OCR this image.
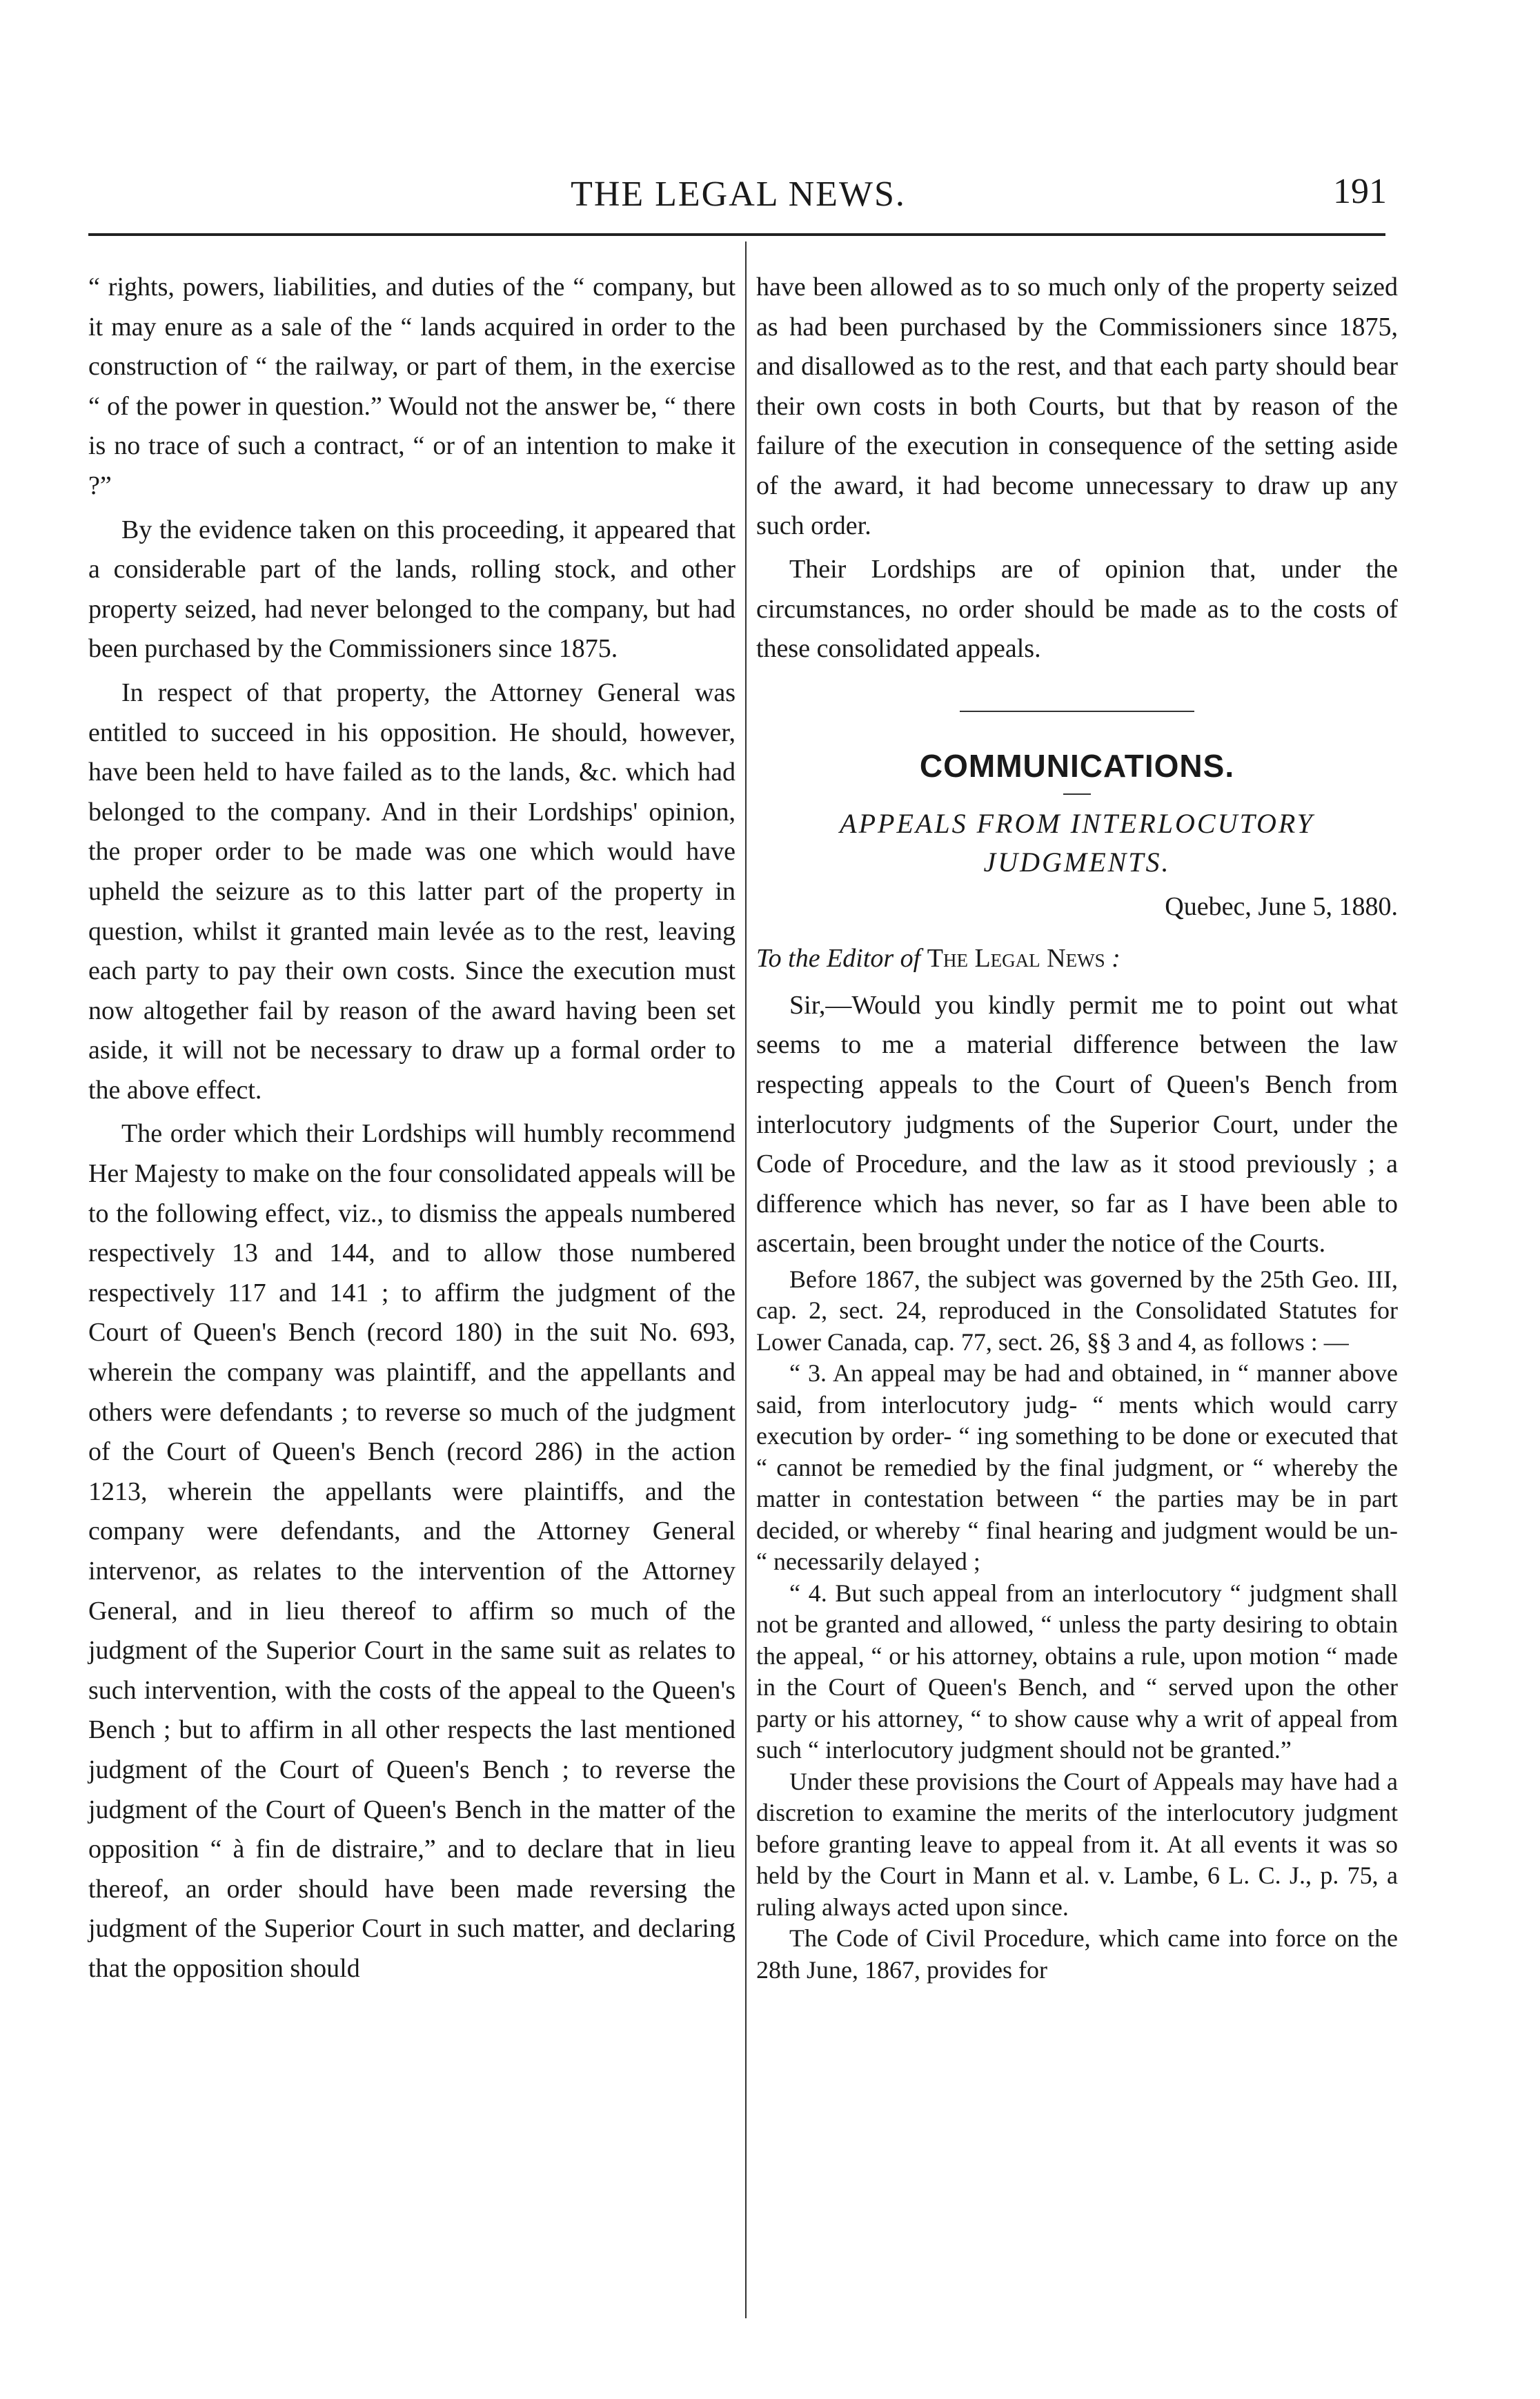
THE LEGAL NEWS.	191

“ rights, powers, liabilities, and duties of the “ company, but it may enure as a sale of the “ lands acquired in order to the construction of “ the railway, or part of them, in the exercise “ of the power in question.” Would not the answer be, “ there is no trace of such a contract, “ or of an intention to make it ?”

By the evidence taken on this proceeding, it appeared that a considerable part of the lands, rolling stock, and other property seized, had never belonged to the company, but had been purchased by the Commissioners since 1875.

In respect of that property, the Attorney General was entitled to succeed in his opposition. He should, however, have been held to have failed as to the lands, &c. which had belonged to the company. And in their Lordships' opinion, the proper order to be made was one which would have upheld the seizure as to this latter part of the property in question, whilst it granted main levée as to the rest, leaving each party to pay their own costs. Since the execution must now altogether fail by reason of the award having been set aside, it will not be necessary to draw up a formal order to the above effect.

The order which their Lordships will humbly recommend Her Majesty to make on the four consolidated appeals will be to the following effect, viz., to dismiss the appeals numbered respectively 13 and 144, and to allow those numbered respectively 117 and 141 ; to affirm the judgment of the Court of Queen's Bench (record 180) in the suit No. 693, wherein the company was plaintiff, and the appellants and others were defendants ; to reverse so much of the judgment of the Court of Queen's Bench (record 286) in the action 1213, wherein the appellants were plaintiffs, and the company were defendants, and the Attorney General intervenor, as relates to the intervention of the Attorney General, and in lieu thereof to affirm so much of the judgment of the Superior Court in the same suit as relates to such intervention, with the costs of the appeal to the Queen's Bench ; but to affirm in all other respects the last mentioned judgment of the Court of Queen's Bench ; to reverse the judgment of the Court of Queen's Bench in the matter of the opposition “ à fin de distraire,” and to declare that in lieu thereof, an order should have been made reversing the judgment of the Superior Court in such matter, and declaring that the opposition should

have been allowed as to so much only of the property seized as had been purchased by the Commissioners since 1875, and disallowed as to the rest, and that each party should bear their own costs in both Courts, but that by reason of the failure of the execution in consequence of the setting aside of the award, it had become unnecessary to draw up any such order.

Their Lordships are of opinion that, under the circumstances, no order should be made as to the costs of these consolidated appeals.

COMMUNICATIONS.
APPEALS FROM INTERLOCUTORY
JUDGMENTS.
Quebec, June 5, 1880.
To the Editor of The Legal News :

Sir,—Would you kindly permit me to point out what seems to me a material difference between the law respecting appeals to the Court of Queen's Bench from interlocutory judgments of the Superior Court, under the Code of Procedure, and the law as it stood previously ; a difference which has never, so far as I have been able to ascertain, been brought under the notice of the Courts.

Before 1867, the subject was governed by the 25th Geo. III, cap. 2, sect. 24, reproduced in the Consolidated Statutes for Lower Canada, cap. 77, sect. 26, §§ 3 and 4, as follows : —

“ 3. An appeal may be had and obtained, in “ manner above said, from interlocutory judg- “ ments which would carry execution by order- “ ing something to be done or executed that “ cannot be remedied by the final judgment, or “ whereby the matter in contestation between “ the parties may be in part decided, or whereby “ final hearing and judgment would be un- “ necessarily delayed ;

“ 4. But such appeal from an interlocutory “ judgment shall not be granted and allowed, “ unless the party desiring to obtain the appeal, “ or his attorney, obtains a rule, upon motion “ made in the Court of Queen's Bench, and “ served upon the other party or his attorney, “ to show cause why a writ of appeal from such “ interlocutory judgment should not be granted.”

Under these provisions the Court of Appeals may have had a discretion to examine the merits of the interlocutory judgment before granting leave to appeal from it. At all events it was so held by the Court in Mann et al. v. Lambe, 6 L. C. J., p. 75, a ruling always acted upon since.

The Code of Civil Procedure, which came into force on the 28th June, 1867, provides for
